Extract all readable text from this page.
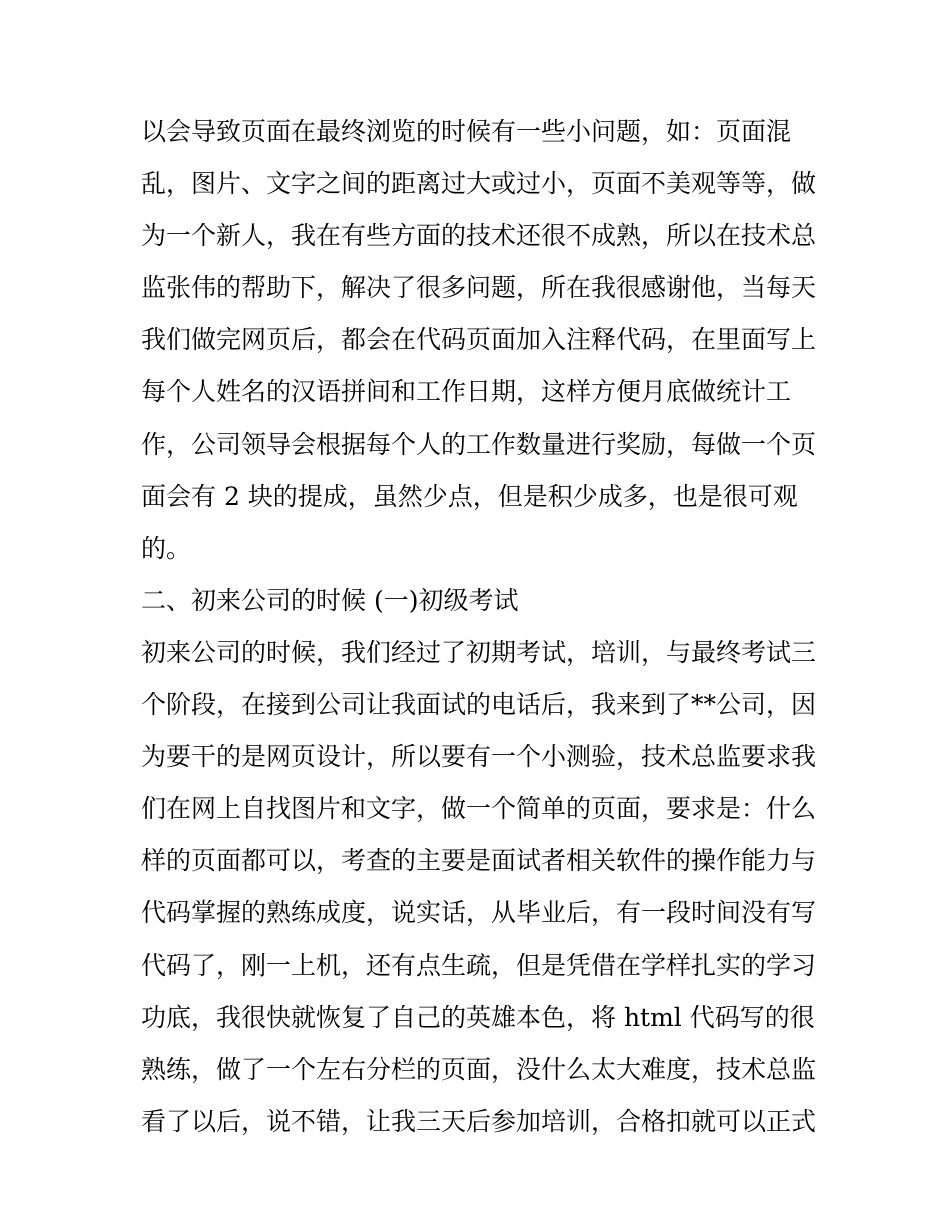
以会导致页面在最终浏览的时候有一些小问题，如：页面混
乱，图片、文字之间的距离过大或过小，页面不美观等等，做
为一个新人，我在有些方面的技术还很不成熟，所以在技术总
监张伟的帮助下，解决了很多问题，所在我很感谢他，当每天
我们做完网页后，都会在代码页面加入注释代码，在里面写上
每个人姓名的汉语拼间和工作日期，这样方便月底做统计工
作，公司领导会根据每个人的工作数量进行奖励，每做一个页
面会有 2 块的提成，虽然少点，但是积少成多，也是很可观
的。
二、初来公司的时候 (一)初级考试
初来公司的时候，我们经过了初期考试，培训，与最终考试三
个阶段，在接到公司让我面试的电话后，我来到了**公司，因
为要干的是网页设计，所以要有一个小测验，技术总监要求我
们在网上自找图片和文字，做一个简单的页面，要求是：什么
样的页面都可以，考查的主要是面试者相关软件的操作能力与
代码掌握的熟练成度，说实话，从毕业后，有一段时间没有写
代码了，刚一上机，还有点生疏，但是凭借在学样扎实的学习
功底，我很快就恢复了自己的英雄本色，将 html 代码写的很
熟练，做了一个左右分栏的页面，没什么太大难度，技术总监
看了以后，说不错，让我三天后参加培训，合格扣就可以正式
